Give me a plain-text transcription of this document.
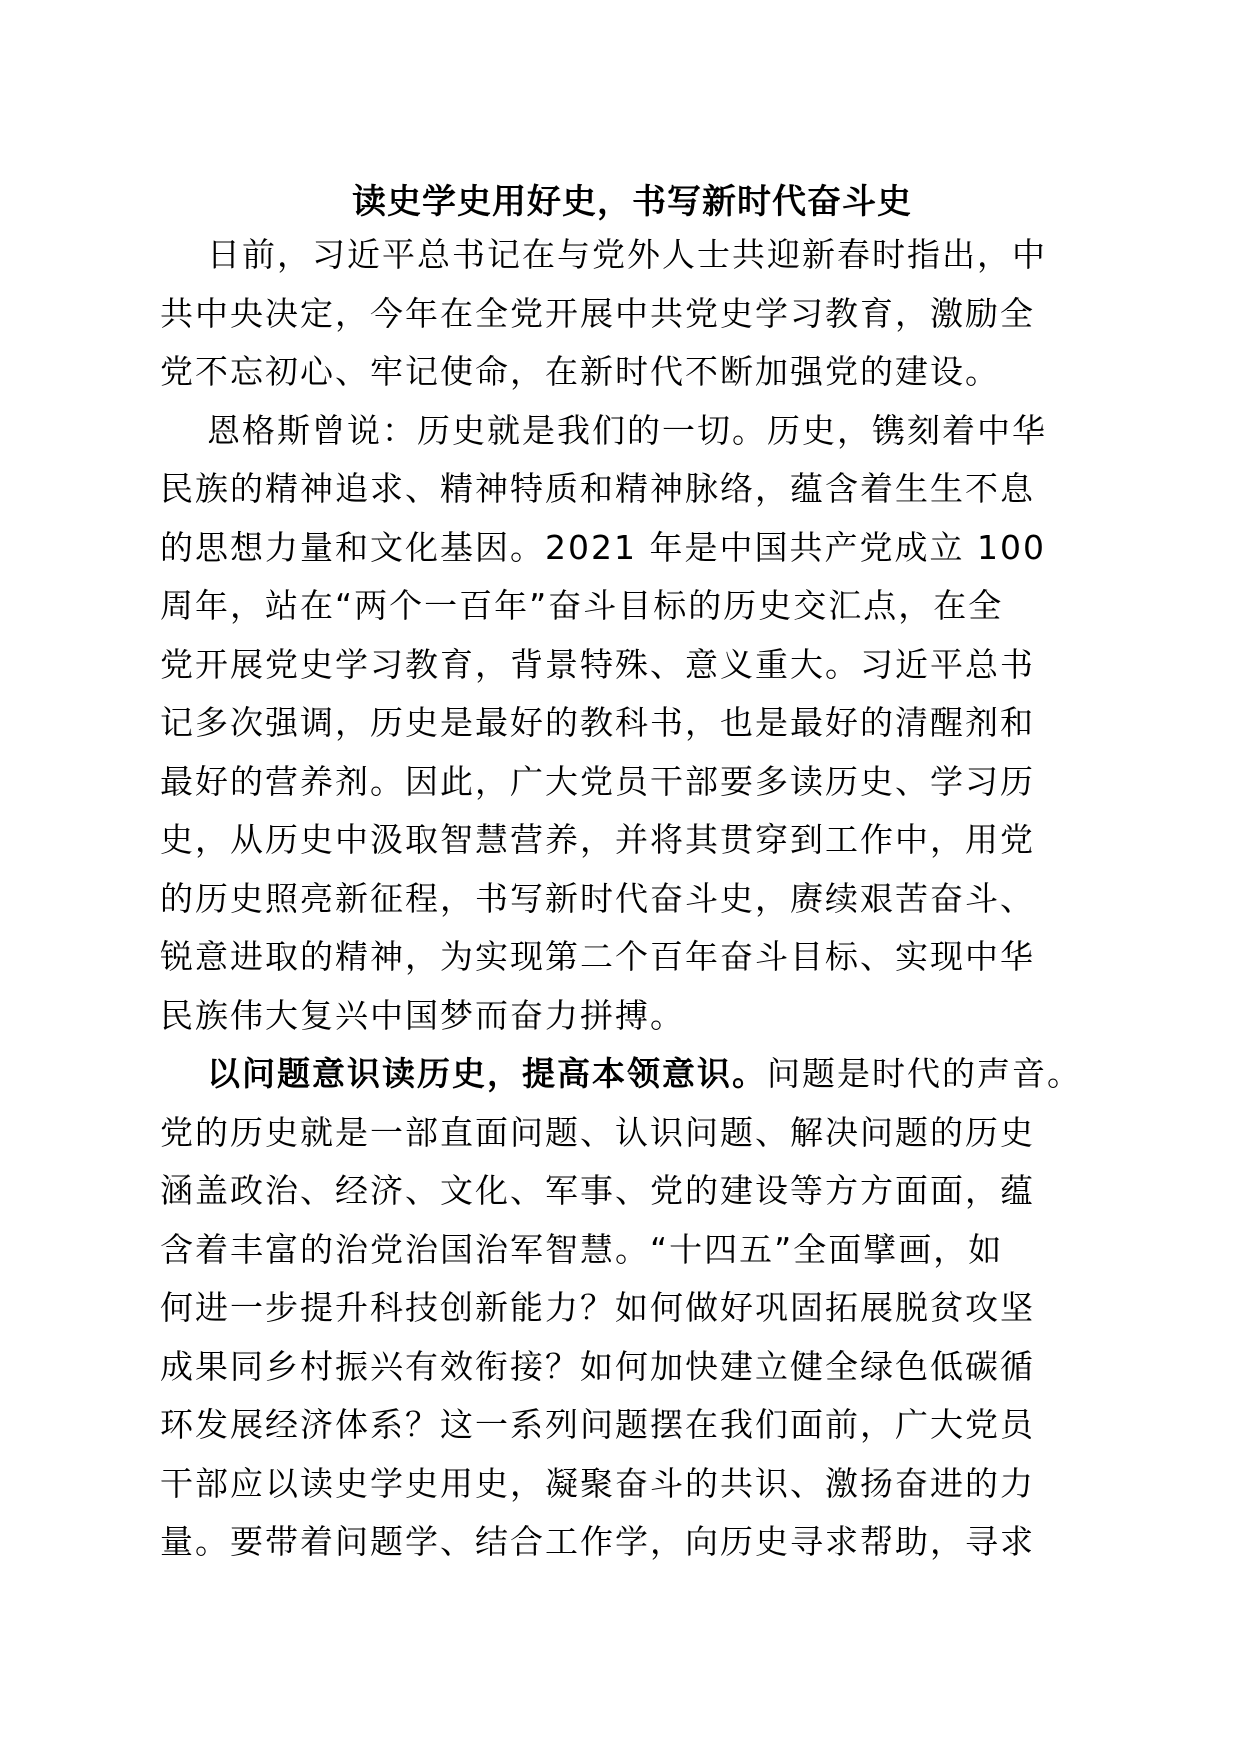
读史学史用好史，书写新时代奋斗史
日前，习近平总书记在与党外人士共迎新春时指出，中
共中央决定，今年在全党开展中共党史学习教育，激励全
党不忘初心、牢记使命，在新时代不断加强党的建设。
恩格斯曾说：历史就是我们的一切。历史，镌刻着中华
民族的精神追求、精神特质和精神脉络，蕴含着生生不息
的思想力量和文化基因。2021 年是中国共产党成立 100
周年，站在“两个一百年”奋斗目标的历史交汇点，在全
党开展党史学习教育，背景特殊、意义重大。习近平总书
记多次强调，历史是最好的教科书，也是最好的清醒剂和
最好的营养剂。因此，广大党员干部要多读历史、学习历
史，从历史中汲取智慧营养，并将其贯穿到工作中，用党
的历史照亮新征程，书写新时代奋斗史，赓续艰苦奋斗、
锐意进取的精神，为实现第二个百年奋斗目标、实现中华
民族伟大复兴中国梦而奋力拼搏。
以问题意识读历史，提高本领意识。问题是时代的声音。
党的历史就是一部直面问题、认识问题、解决问题的历史
涵盖政治、经济、文化、军事、党的建设等方方面面，蕴
含着丰富的治党治国治军智慧。“十四五”全面擘画，如
何进一步提升科技创新能力？如何做好巩固拓展脱贫攻坚
成果同乡村振兴有效衔接？如何加快建立健全绿色低碳循
环发展经济体系？这一系列问题摆在我们面前，广大党员
干部应以读史学史用史，凝聚奋斗的共识、激扬奋进的力
量。要带着问题学、结合工作学，向历史寻求帮助，寻求
